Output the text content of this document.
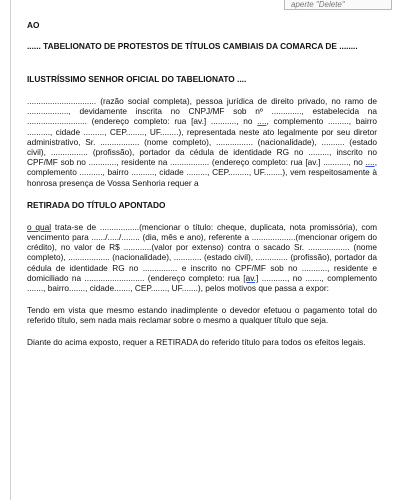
aperte "Delete"

AO

...... TABELIONATO DE PROTESTOS DE TÍTULOS CAMBIAIS DA COMARCA DE ........

ILUSTRÍSSIMO SENHOR OFICIAL DO TABELIONATO ....

.............................. (razão social completa), pessoa jurídica de direito privado, no ramo de .................., devidamente inscrita no CNPJ/MF sob nº ............., estabelecida na .......................... (endereço completo: rua [av.] ..........., no ...., complemento ........., bairro .........., cidade ........., CEP........, UF........), representada neste ato legalmente por seu diretor administrativo, Sr. ................. (nome completo), ................ (nacionalidade), .......... (estado civil), ................ (profissão), portador da cédula de identidade RG no ........., inscrito no CPF/MF sob no ............, residente na ................. (endereço completo: rua [av.] ..........., no ...., complemento .........., bairro .........., cidade ........., CEP........., UF........), vem respeitosamente à honrosa presença de Vossa Senhoria requer a

RETIRADA DO TÍTULO APONTADO

o qual trata-se de .................(mencionar o título: cheque, duplicata, nota promissória), com vencimento para ....../...../........ (dia, mês e ano), referente a ...................(mencionar origem do crédito), no valor de R$ ............(valor por extenso) contra o sacado Sr. .................. (nome completo), .................. (nacionalidade), ............ (estado civil), .............. (profissão), portador da cédula de identidade RG no ............... e inscrito no CPF/MF sob no ..........., residente e domiciliado na .......................... (endereço completo: rua [av.] ..........., no ......., complemento ......., bairro......., cidade......., CEP......., UF.......), pelos motivos que passa a expor:

Tendo em vista que mesmo estando inadimplente o devedor efetuou o pagamento total do referido título, sem nada mais reclamar sobre o mesmo a qualquer título que seja.

Diante do acima exposto, requer a RETIRADA do referido título para todos os efeitos legais.
